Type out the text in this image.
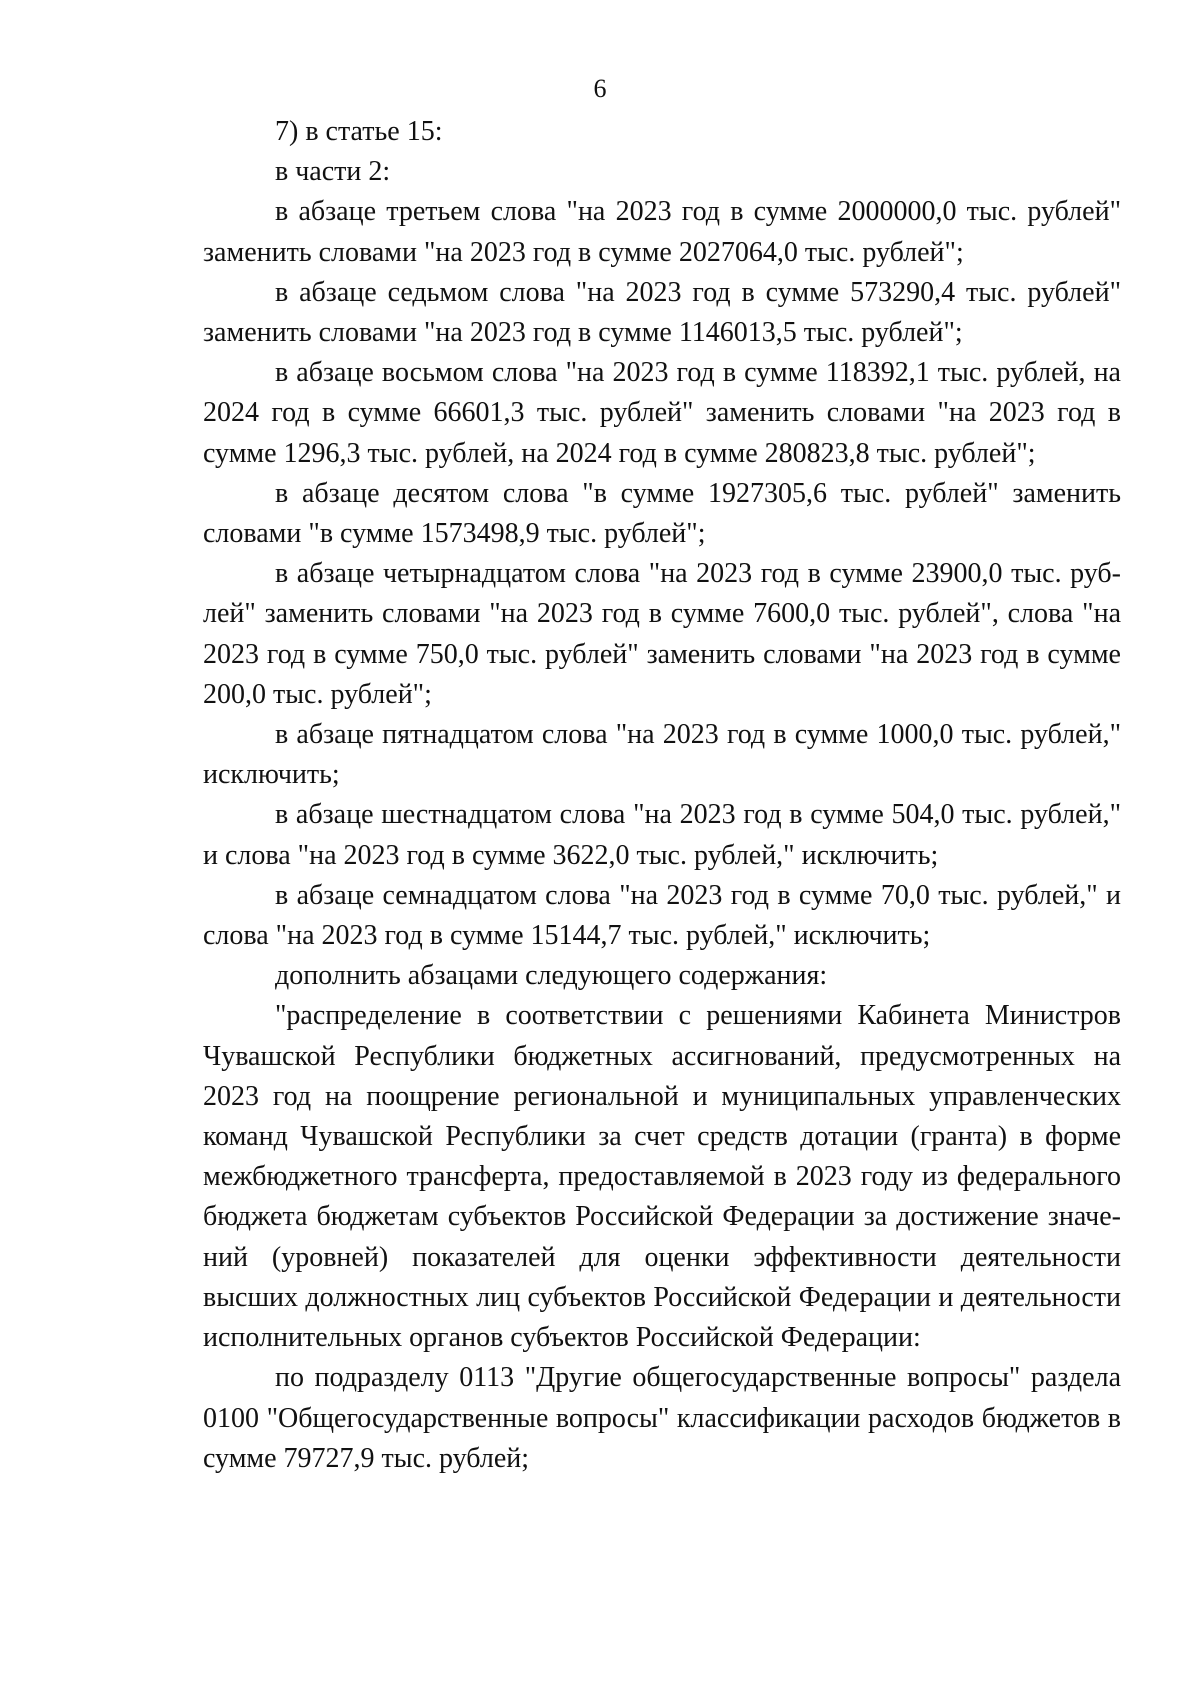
6

7) в статье 15:

в части 2:

в абзаце третьем слова "на 2023 год в сумме 2000000,0 тыс. рублей" заменить словами "на 2023 год в сумме 2027064,0 тыс. рублей";

в абзаце седьмом слова "на 2023 год в сумме 573290,4 тыс. рублей" заменить словами "на 2023 год в сумме 1146013,5 тыс. рублей";

в абзаце восьмом слова "на 2023 год в сумме 118392,1 тыс. рублей, на 2024 год в сумме 66601,3 тыс. рублей" заменить словами "на 2023 год в сумме 1296,3 тыс. рублей, на 2024 год в сумме 280823,8 тыс. рублей";

в абзаце десятом слова "в сумме 1927305,6 тыс. рублей" заменить словами "в сумме 1573498,9 тыс. рублей";

в абзаце четырнадцатом слова "на 2023 год в сумме 23900,0 тыс. рублей" заменить словами "на 2023 год в сумме 7600,0 тыс. рублей", слова "на 2023 год в сумме 750,0 тыс. рублей" заменить словами "на 2023 год в сумме 200,0 тыс. рублей";

в абзаце пятнадцатом слова "на 2023 год в сумме 1000,0 тыс. рублей," исключить;

в абзаце шестнадцатом слова "на 2023 год в сумме 504,0 тыс. рублей," и слова "на 2023 год в сумме 3622,0 тыс. рублей," исключить;

в абзаце семнадцатом слова "на 2023 год в сумме 70,0 тыс. рублей," и слова "на 2023 год в сумме 15144,7 тыс. рублей," исключить;

дополнить абзацами следующего содержания:

"распределение в соответствии с решениями Кабинета Министров Чувашской Республики бюджетных ассигнований, предусмотренных на 2023 год на поощрение региональной и муниципальных управленческих команд Чувашской Республики за счет средств дотации (гранта) в форме межбюджетного трансферта, предоставляемой в 2023 году из федерального бюджета бюджетам субъектов Российской Федерации за достижение значений (уровней) показателей для оценки эффективности деятельности высших должностных лиц субъектов Российской Федерации и деятельности исполнительных органов субъектов Российской Федерации:

по подразделу 0113 "Другие общегосударственные вопросы" раздела 0100 "Общегосударственные вопросы" классификации расходов бюджетов в сумме 79727,9 тыс. рублей;
